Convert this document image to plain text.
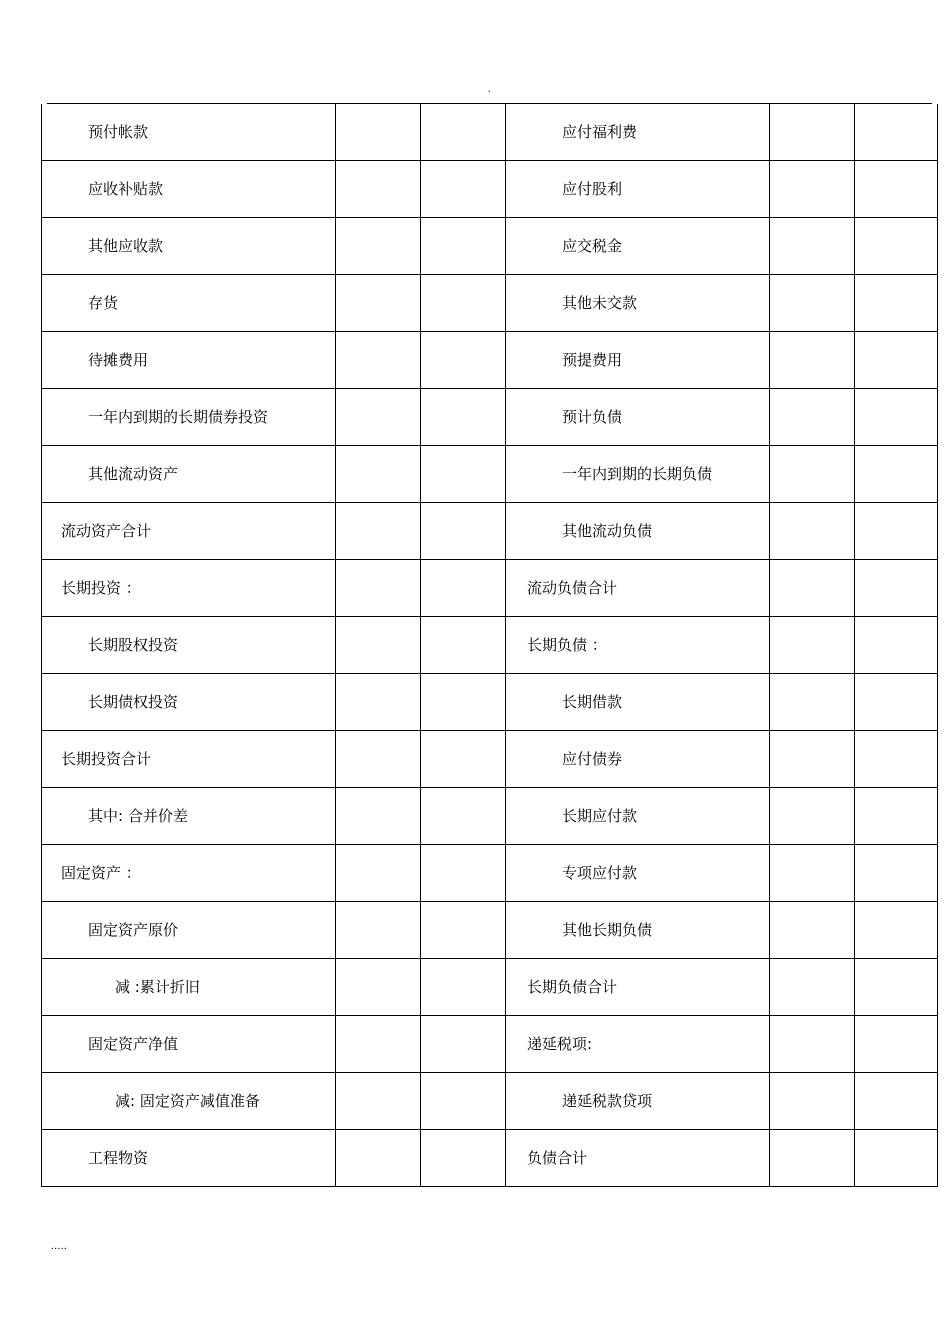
.
预付帐款			应付福利费		
应收补贴款			应付股利		
其他应收款			应交税金		
存货			其他未交款		
待摊费用			预提费用		
一年内到期的长期债券投资			预计负债		
其他流动资产			一年内到期的长期负债		
流动资产合计			其他流动负债		
长期投资 ：			流动负债合计		
长期股权投资			长期负债 ：		
长期债权投资			长期借款		
长期投资合计			应付债券		
其中: 合并价差			长期应付款		
固定资产 ：			专项应付款		
固定资产原价			其他长期负债		
减 :累计折旧			长期负债合计		
固定资产净值			递延税项:		
减: 固定资产减值准备			递延税款贷项		
工程物资			负债合计		
.....
